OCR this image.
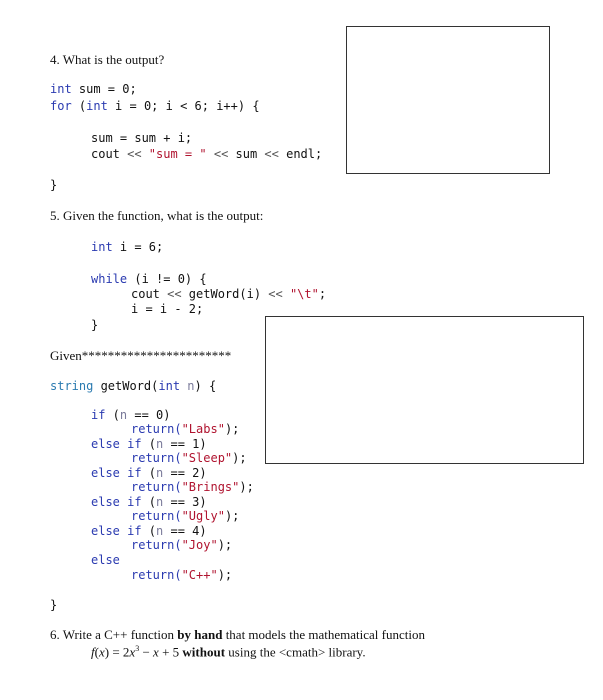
4. What is the output?
int sum = 0;
for (int i = 0; i < 6; i++) {
sum = sum + i;
cout << "sum = " << sum << endl;
}
5. Given the function, what is the output:
int i = 6;
while (i != 0) {
cout << getWord(i) << "\t";
i = i - 2;
}
Given***********************
string getWord(int n) {
if (n == 0)
return("Labs");
else if (n == 1)
return("Sleep");
else if (n == 2)
return("Brings");
else if (n == 3)
return("Ugly");
else if (n == 4)
return("Joy");
else
return("C++");
}
6. Write a C++ function by hand that models the mathematical function
$f(x) = 2x^3 - x + 5$ without using the <cmath> library.
